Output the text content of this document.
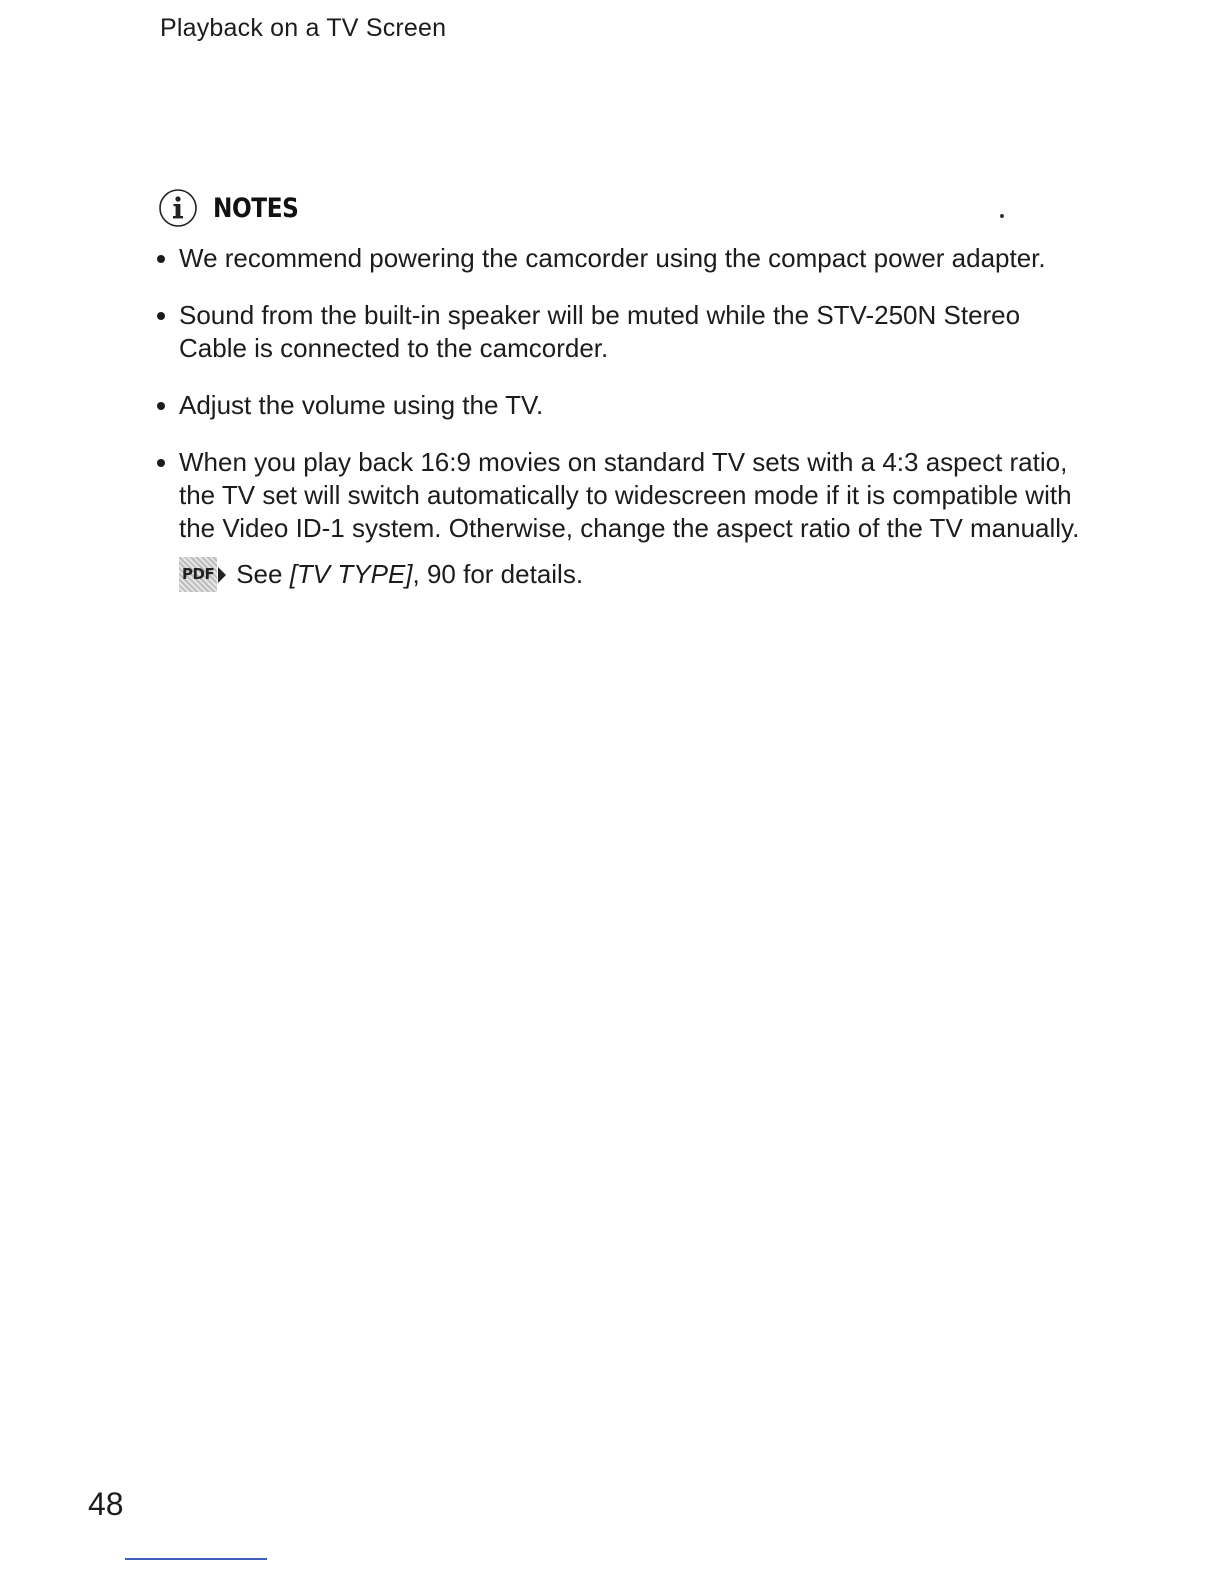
Playback on a TV Screen
NOTES
We recommend powering the camcorder using the compact power adapter.
Sound from the built-in speaker will be muted while the STV-250N Stereo Cable is connected to the camcorder.
Adjust the volume using the TV.
When you play back 16:9 movies on standard TV sets with a 4:3 aspect ratio, the TV set will switch automatically to widescreen mode if it is compatible with the Video ID-1 system. Otherwise, change the aspect ratio of the TV manually.
PDF See [TV TYPE], 90 for details.
48
